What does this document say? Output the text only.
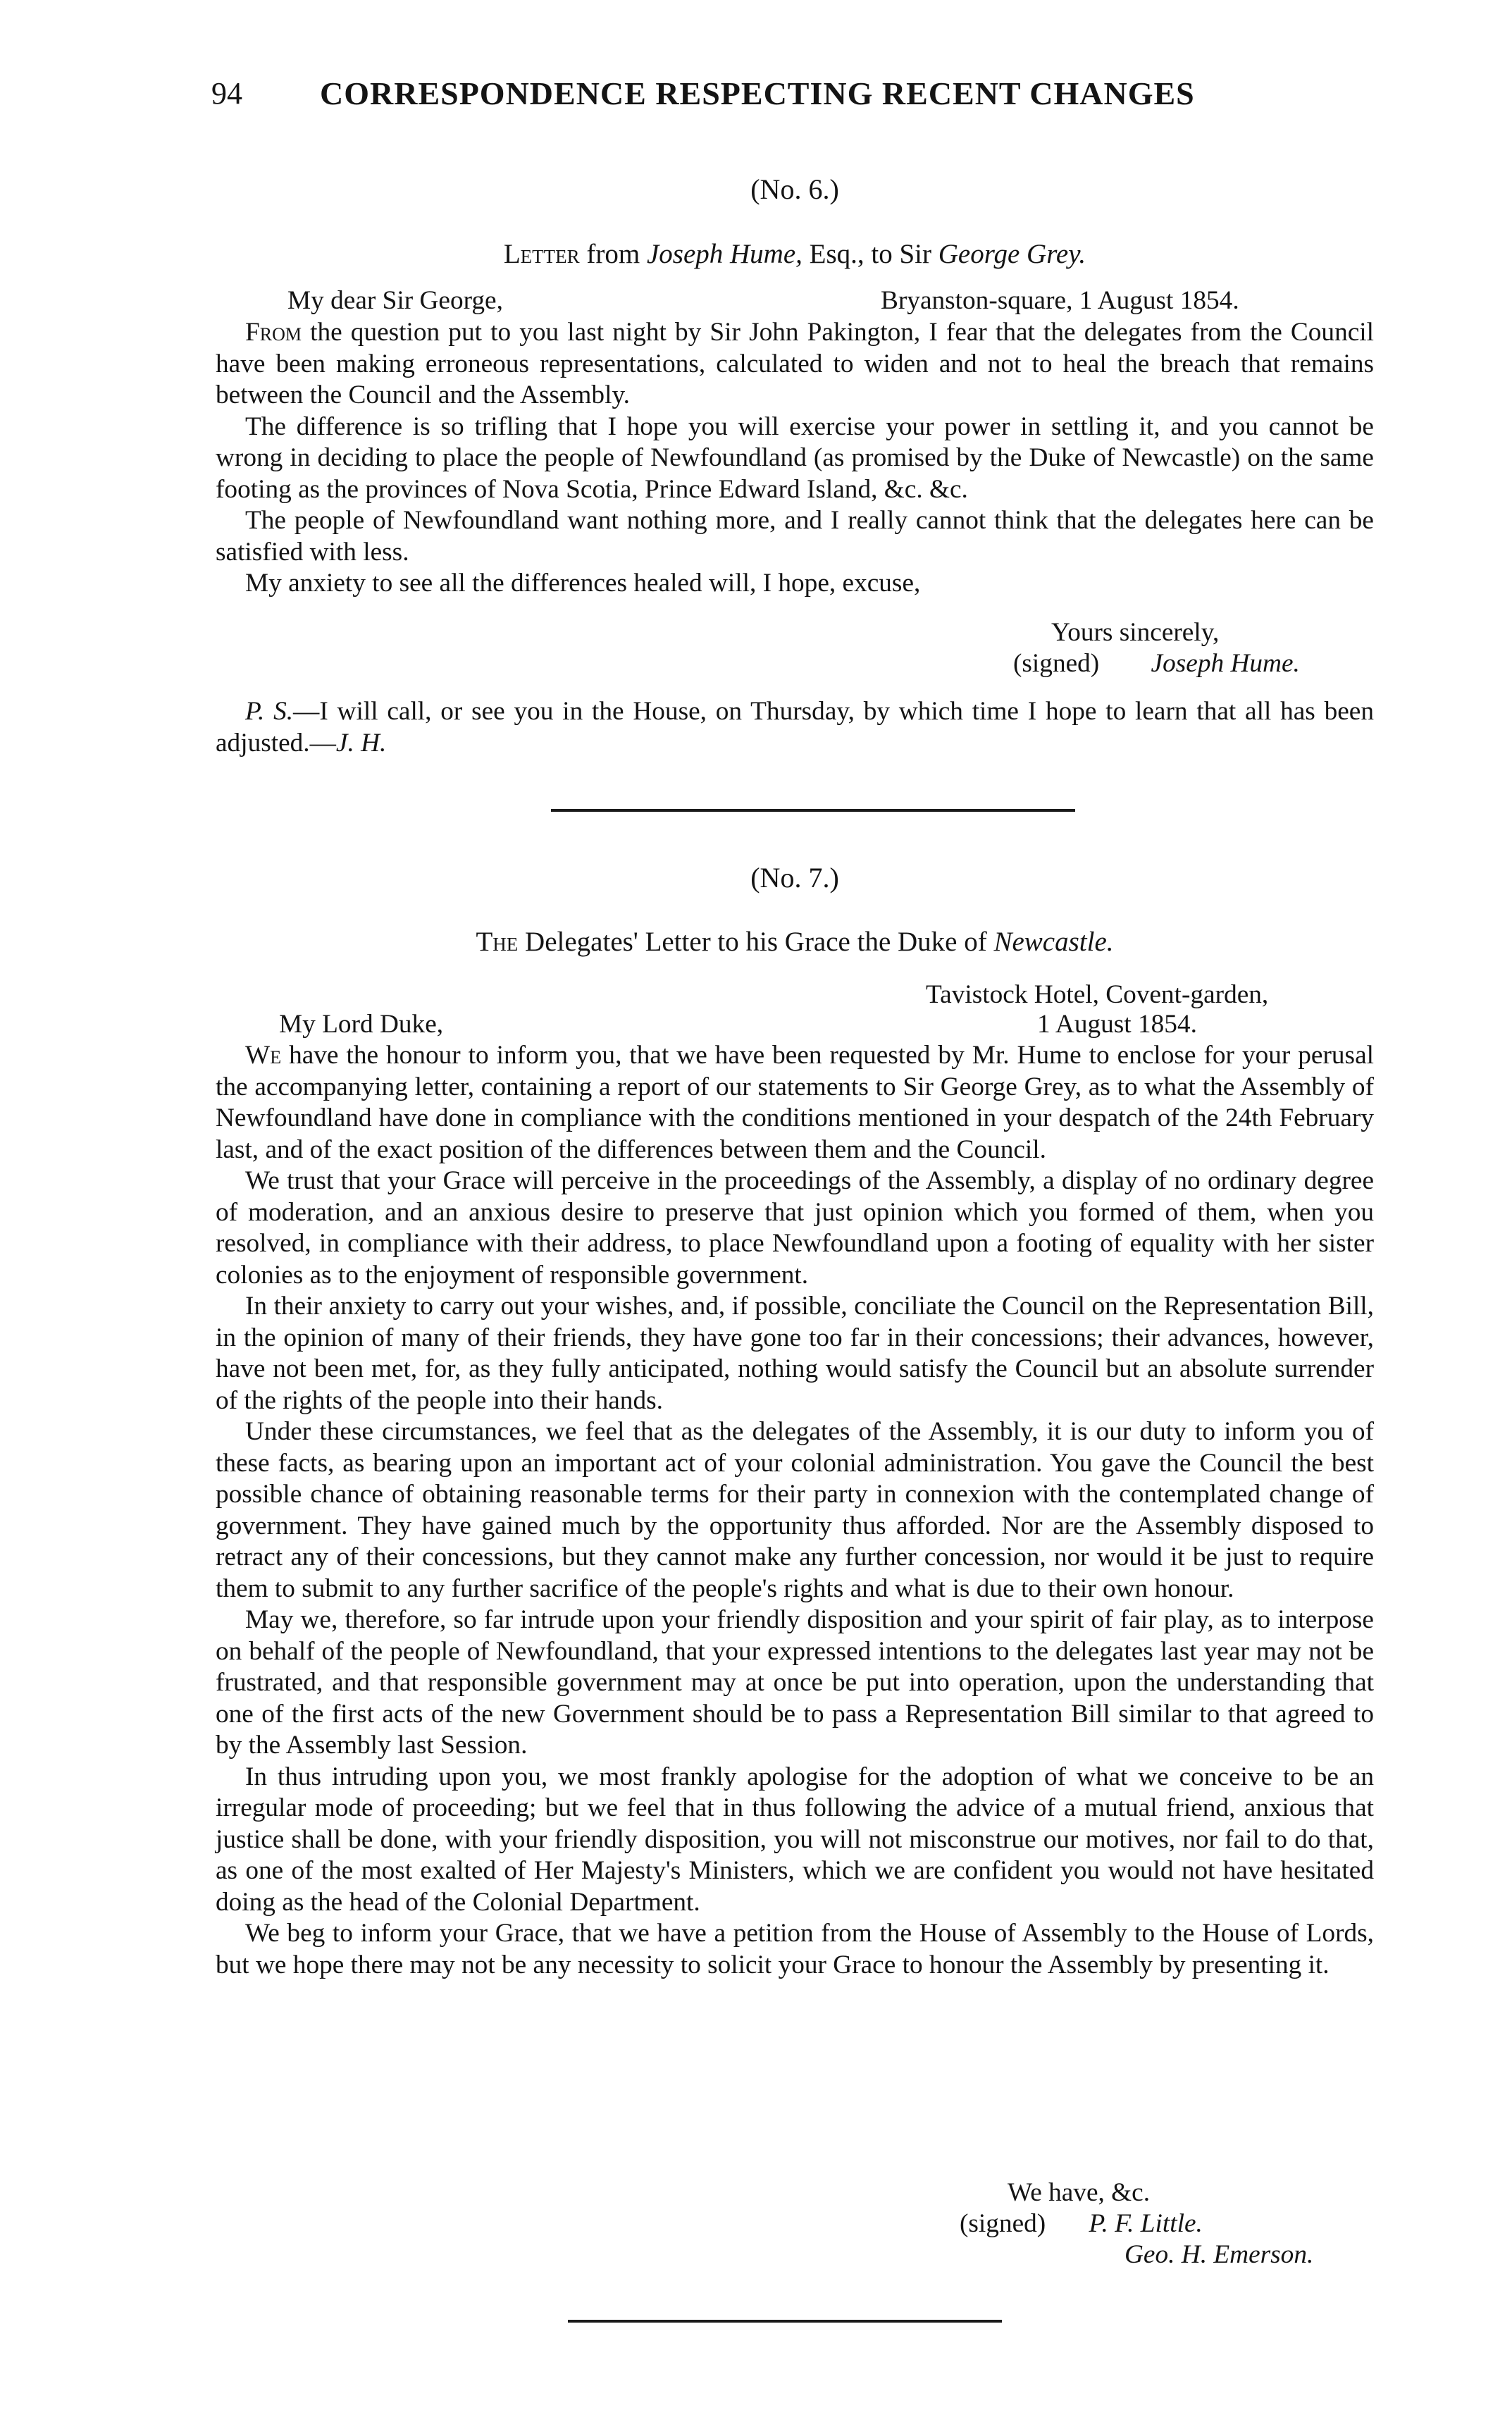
94 CORRESPONDENCE RESPECTING RECENT CHANGES
(No. 6.)
Letter from Joseph Hume, Esq., to Sir George Grey.
My dear Sir George,	Bryanston-square, 1 August 1854.

From the question put to you last night by Sir John Pakington, I fear that the delegates from the Council have been making erroneous representations, calculated to widen and not to heal the breach that remains between the Council and the Assembly.

The difference is so trifling that I hope you will exercise your power in settling it, and you cannot be wrong in deciding to place the people of Newfoundland (as promised by the Duke of Newcastle) on the same footing as the provinces of Nova Scotia, Prince Edward Island, &c. &c.

The people of Newfoundland want nothing more, and I really cannot think that the delegates here can be satisfied with less.

My anxiety to see all the differences healed will, I hope, excuse,

Yours sincerely,
(signed) Joseph Hume.

P. S.—I will call, or see you in the House, on Thursday, by which time I hope to learn that all has been adjusted.—J. H.

(No. 7.)
The Delegates' Letter to his Grace the Duke of Newcastle.
Tavistock Hotel, Covent-garden,
My Lord Duke,	1 August 1854.

We have the honour to inform you, that we have been requested by Mr. Hume to enclose for your perusal the accompanying letter, containing a report of our statements to Sir George Grey, as to what the Assembly of Newfoundland have done in compliance with the conditions mentioned in your despatch of the 24th February last, and of the exact position of the differences between them and the Council.

We trust that your Grace will perceive in the proceedings of the Assembly, a display of no ordinary degree of moderation, and an anxious desire to preserve that just opinion which you formed of them, when you resolved, in compliance with their address, to place Newfoundland upon a footing of equality with her sister colonies as to the enjoyment of responsible government.

In their anxiety to carry out your wishes, and, if possible, conciliate the Council on the Representation Bill, in the opinion of many of their friends, they have gone too far in their concessions; their advances, however, have not been met, for, as they fully anticipated, nothing would satisfy the Council but an absolute surrender of the rights of the people into their hands.

Under these circumstances, we feel that as the delegates of the Assembly, it is our duty to inform you of these facts, as bearing upon an important act of your colonial administration. You gave the Council the best possible chance of obtaining reasonable terms for their party in connexion with the contemplated change of government. They have gained much by the opportunity thus afforded. Nor are the Assembly disposed to retract any of their concessions, but they cannot make any further concession, nor would it be just to require them to submit to any further sacrifice of the people's rights and what is due to their own honour.

May we, therefore, so far intrude upon your friendly disposition and your spirit of fair play, as to interpose on behalf of the people of Newfoundland, that your expressed intentions to the delegates last year may not be frustrated, and that responsible government may at once be put into operation, upon the understanding that one of the first acts of the new Government should be to pass a Representation Bill similar to that agreed to by the Assembly last Session.

In thus intruding upon you, we most frankly apologise for the adoption of what we conceive to be an irregular mode of proceeding; but we feel that in thus following the advice of a mutual friend, anxious that justice shall be done, with your friendly disposition, you will not misconstrue our motives, nor fail to do that, as one of the most exalted of Her Majesty's Ministers, which we are confident you would not have hesitated doing as the head of the Colonial Department.

We beg to inform your Grace, that we have a petition from the House of Assembly to the House of Lords, but we hope there may not be any necessity to solicit your Grace to honour the Assembly by presenting it.

We have, &c.
(signed) P. F. Little.
Geo. H. Emerson.
